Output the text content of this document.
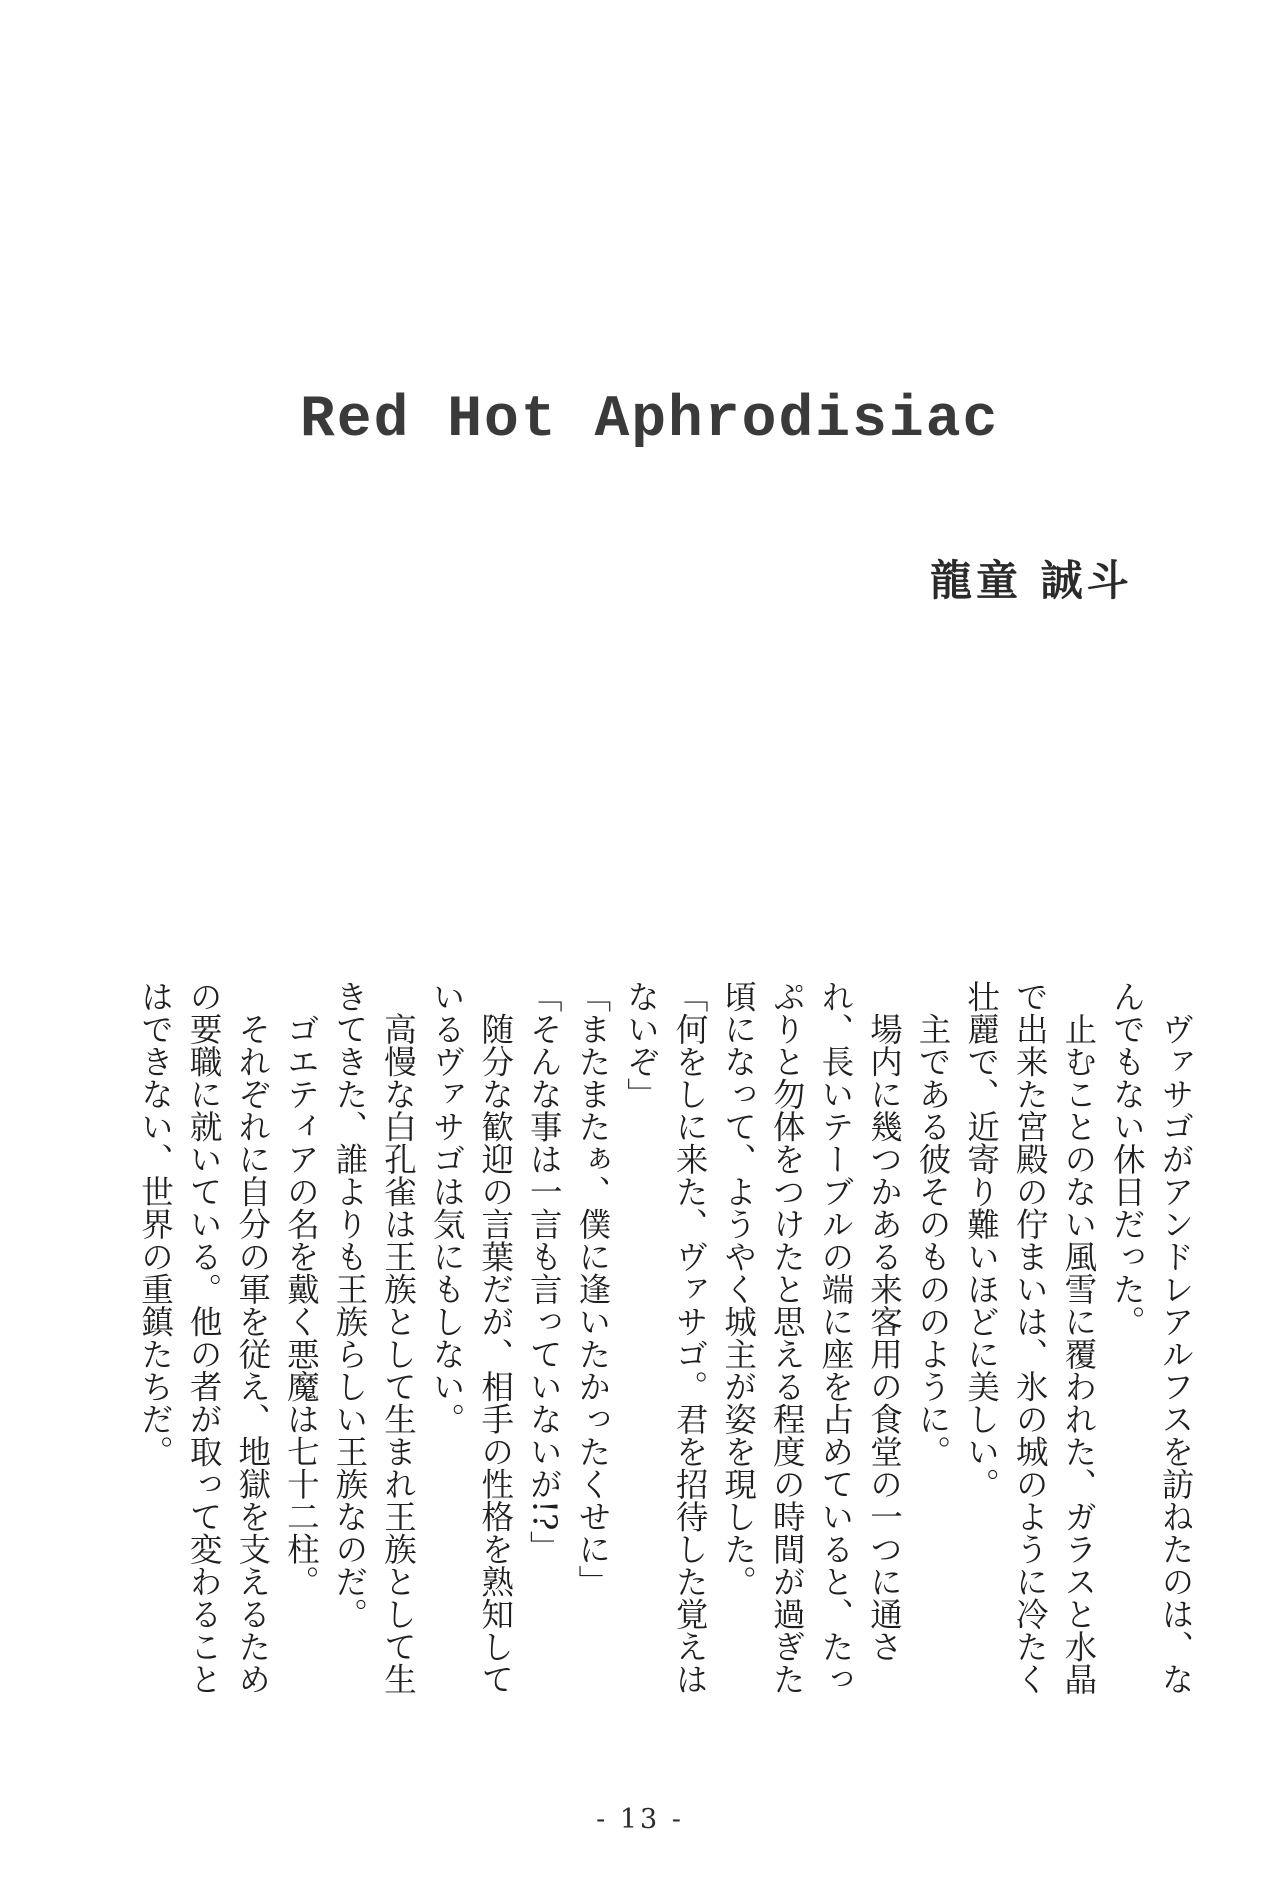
Red Hot Aphrodisiac
龍童 誠斗

　ヴァサゴがアンドレアルフスを訪ねたのは、なんでもない休日だった。

　止むことのない風雪に覆われた、ガラスと水晶で出来た宮殿の佇まいは、氷の城のように冷たく壮麗で、近寄り難いほどに美しい。

　主である彼そのもののように。

　場内に幾つかある来客用の食堂の一つに通され、長いテーブルの端に座を占めていると、たっぷりと勿体をつけたと思える程度の時間が過ぎた頃になって、ようやく城主が姿を現した。

「何をしに来た、ヴァサゴ。君を招待した覚えはないぞ」

「またまたぁ、僕に逢いたかったくせに」

「そんな事は一言も言っていないが!?」

　随分な歓迎の言葉だが、相手の性格を熟知しているヴァサゴは気にもしない。

　高慢な白孔雀は王族として生まれ王族として生きてきた、誰よりも王族らしい王族なのだ。

　ゴエティアの名を戴く悪魔は七十二柱。

　それぞれに自分の軍を従え、地獄を支えるための要職に就いている。他の者が取って変わることはできない、世界の重鎮たちだ。

- 13 -
